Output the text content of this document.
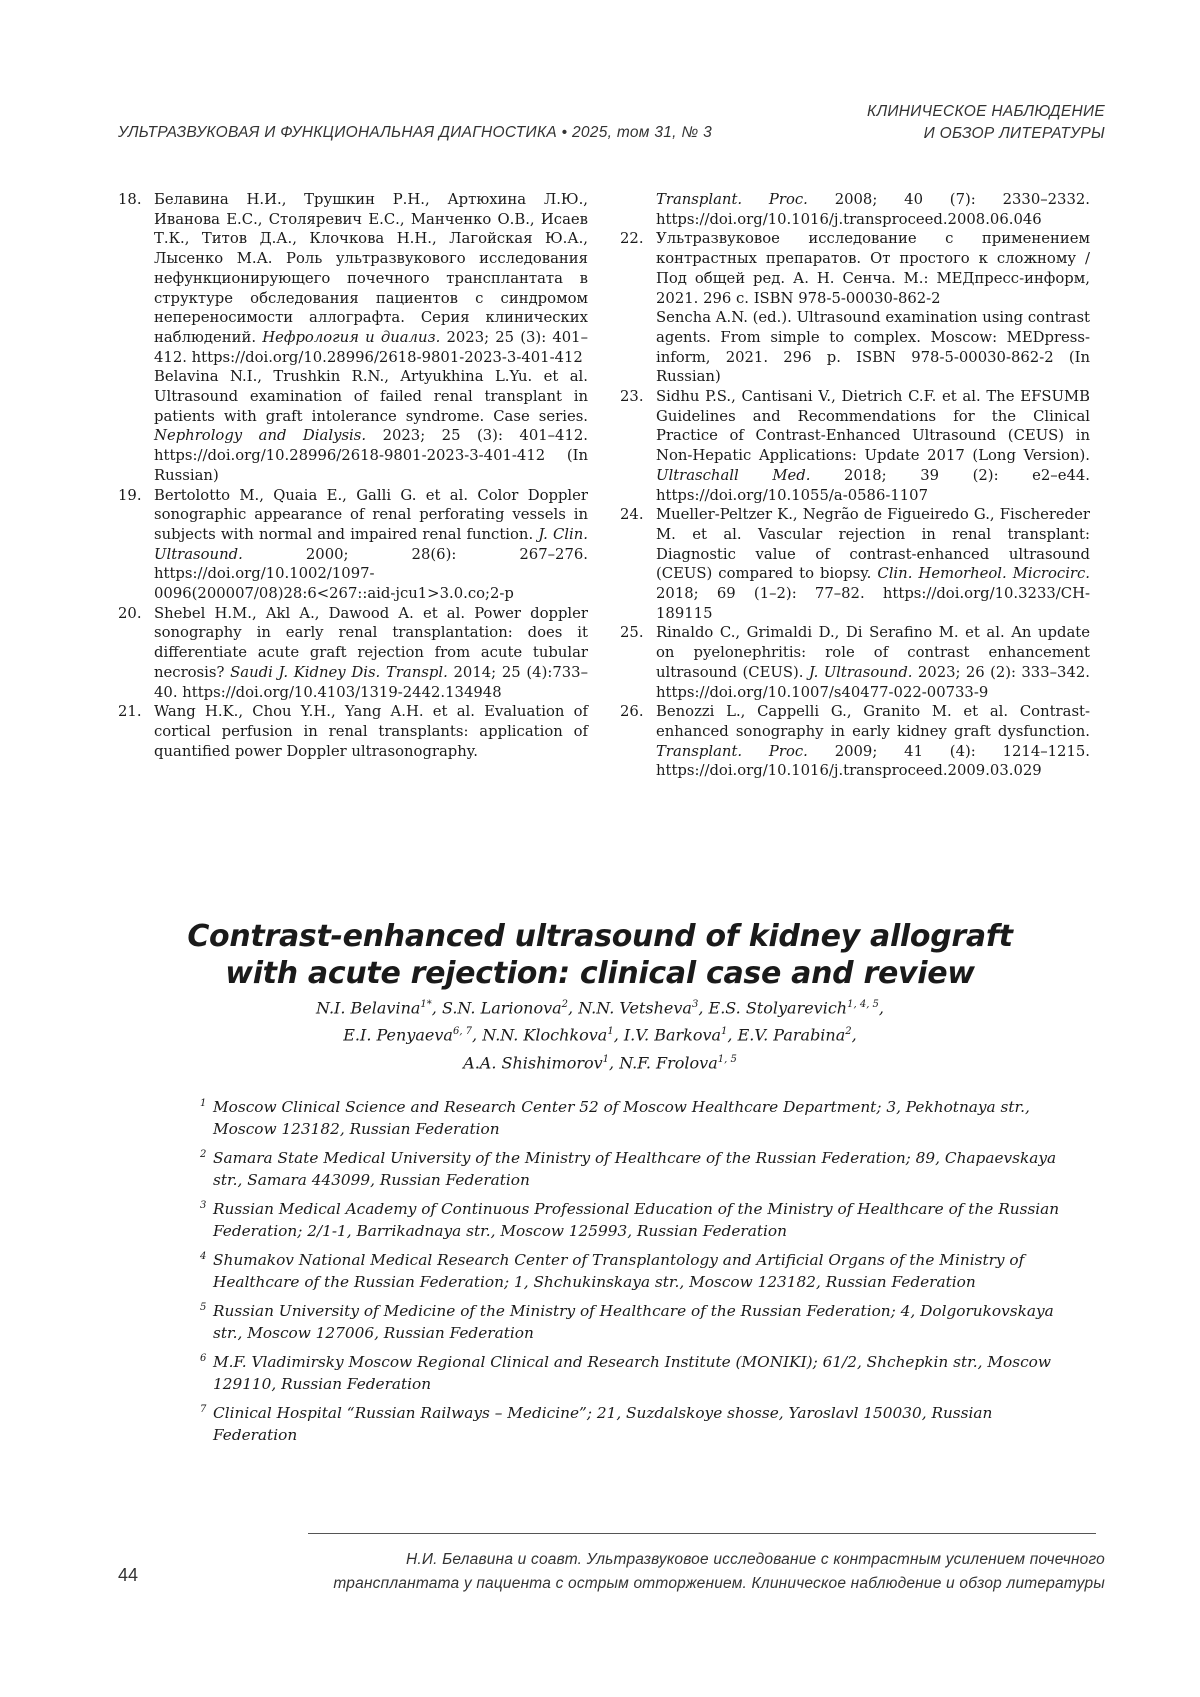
УЛЬТРАЗВУКОВАЯ И ФУНКЦИОНАЛЬНАЯ ДИАГНОСТИКА • 2025, том 31, № 3
КЛИНИЧЕСКОЕ НАБЛЮДЕНИЕ
И ОБЗОР ЛИТЕРАТУРЫ
18. Белавина Н.И., Трушкин Р.Н., Артюхина Л.Ю., Иванова Е.С., Столяревич Е.С., Манченко О.В., Исаев Т.К., Титов Д.А., Клочкова Н.Н., Лагойская Ю.А., Лысенко М.А. Роль ультразвукового исследования нефункционирующего почечного трансплантата в структуре обследования пациентов с синдромом непереносимости аллографта. Серия клинических наблюдений. Нефрология и диализ. 2023; 25 (3): 401–412. https://doi.org/10.28996/2618-9801-2023-3-401-412
Belavina N.I., Trushkin R.N., Artyukhina L.Yu. et al. Ultrasound examination of failed renal transplant in patients with graft intolerance syndrome. Case series. Nephrology and Dialysis. 2023; 25 (3): 401–412. https://doi.org/10.28996/2618-9801-2023-3-401-412 (In Russian)
19. Bertolotto M., Quaia E., Galli G. et al. Color Doppler sonographic appearance of renal perforating vessels in subjects with normal and impaired renal function. J. Clin. Ultrasound.	2000; 28(6): 267–276. https://doi.org/10.1002/1097-0096(200007/08)28:6<267::aid-jcu1>3.0.co;2-p
20. Shebel H.M., Akl A., Dawood A. et al. Power doppler sonography in early renal transplantation: does it differentiate acute graft rejection from acute tubular necrosis? Saudi J. Kidney Dis. Transpl. 2014; 25 (4):733–40. https://doi.org/10.4103/1319-2442.134948
21. Wang H.K., Chou Y.H., Yang A.H. et al. Evaluation of cortical perfusion in renal transplants: application of quantified power Doppler ultrasonography.
Transplant. Proc. 2008; 40 (7): 2330–2332. https://doi.org/10.1016/j.transproceed.2008.06.046
22. Ультразвуковое исследование с применением контрастных препаратов. От простого к сложному / Под общей ред. А. Н. Сенча. М.: МЕДпресс-информ, 2021. 296 с. ISBN 978-5-00030-862-2
Sencha A.N. (ed.). Ultrasound examination using contrast agents. From simple to complex. Moscow: MEDpress-inform, 2021. 296 p. ISBN 978-5-00030-862-2 (In Russian)
23. Sidhu P.S., Cantisani V., Dietrich C.F. et al. The EFSUMB Guidelines and Recommendations for the Clinical Practice of Contrast-Enhanced Ultrasound (CEUS) in Non-Hepatic Applications: Update 2017 (Long Version). Ultraschall Med. 2018; 39 (2): e2–e44. https://doi.org/10.1055/a-0586-1107
24. Mueller-Peltzer K., Negrão de Figueiredo G., Fischereder M. et al. Vascular rejection in renal transplant: Diagnostic value of contrast-enhanced ultrasound (CEUS) compared to biopsy. Clin. Hemorheol. Microcirc. 2018; 69 (1–2): 77–82. https://doi.org/10.3233/CH-189115
25. Rinaldo C., Grimaldi D., Di Serafino M. et al. An update on pyelonephritis: role of contrast enhancement ultrasound (CEUS). J. Ultrasound. 2023; 26 (2): 333–342. https://doi.org/10.1007/s40477-022-00733-9
26. Benozzi L., Cappelli G., Granito M. et al. Contrast-enhanced sonography in early kidney graft dysfunction. Transplant. Proc. 2009; 41 (4): 1214–1215. https://doi.org/10.1016/j.transproceed.2009.03.029
Contrast-enhanced ultrasound of kidney allograft
with acute rejection: clinical case and review
N.I. Belavina1*, S.N. Larionova2, N.N. Vetsheva3, E.S. Stolyarevich1, 4, 5,
E.I. Penyaeva6, 7, N.N. Klochkova1, I.V. Barkova1, E.V. Parabina2,
A.A. Shishimorov1, N.F. Frolova1, 5
1 Moscow Clinical Science and Research Center 52 of Moscow Healthcare Department; 3, Pekhotnaya str., Moscow 123182, Russian Federation
2 Samara State Medical University of the Ministry of Healthcare of the Russian Federation; 89, Chapaevskaya str., Samara 443099, Russian Federation
3 Russian Medical Academy of Continuous Professional Education of the Ministry of Healthcare of the Russian Federation; 2/1-1, Barrikadnaya str., Moscow 125993, Russian Federation
4 Shumakov National Medical Research Center of Transplantology and Artificial Organs of the Ministry of Healthcare of the Russian Federation; 1, Shchukinskaya str., Moscow 123182, Russian Federation
5 Russian University of Medicine of the Ministry of Healthcare of the Russian Federation; 4, Dolgorukovskaya str., Moscow 127006, Russian Federation
6 M.F. Vladimirsky Moscow Regional Clinical and Research Institute (MONIKI); 61/2, Shchepkin str., Moscow 129110, Russian Federation
7 Clinical Hospital “Russian Railways – Medicine”; 21, Suzdalskoye shosse, Yaroslavl 150030, Russian Federation
44
Н.И. Белавина и соавт. Ультразвуковое исследование с контрастным усилением почечного
трансплантата у пациента с острым отторжением. Клиническое наблюдение и обзор литературы
